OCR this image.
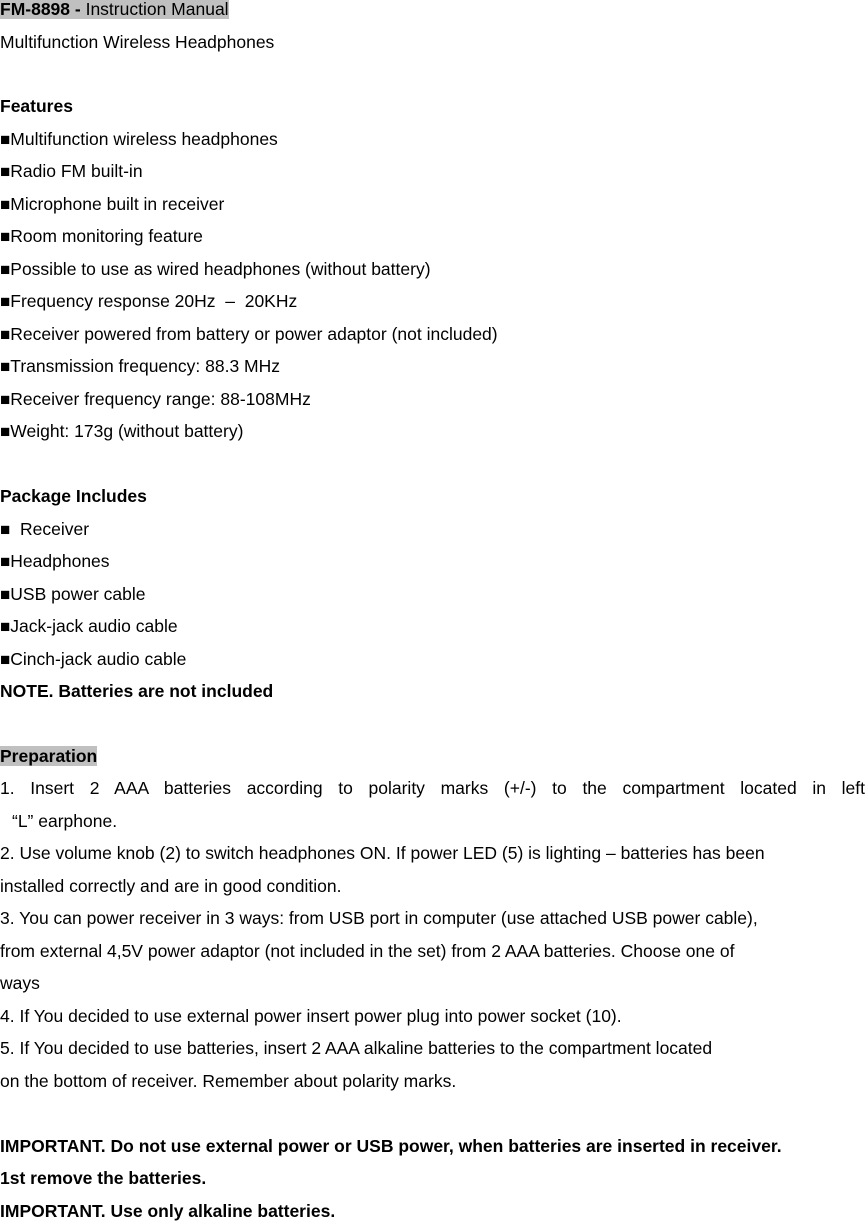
FM-8898 - Instruction Manual
Multifunction Wireless Headphones
Features
■Multifunction wireless headphones
■Radio FM built-in
■Microphone built in receiver
■Room monitoring feature
■Possible to use as wired headphones (without battery)
■Frequency response 20Hz  –  20KHz
■Receiver powered from battery or power adaptor (not included)
■Transmission frequency: 88.3 MHz
■Receiver frequency range: 88-108MHz
■Weight: 173g (without battery)
Package Includes
■  Receiver
■Headphones
■USB power cable
■Jack-jack audio cable
■Cinch-jack audio cable
NOTE. Batteries are not included
Preparation
1. Insert 2 AAA batteries according to polarity marks (+/-) to the compartment located in left
“L” earphone.
2. Use volume knob (2) to switch headphones ON. If power LED (5) is lighting – batteries has been
installed correctly and are in good condition.
3. You can power receiver in 3 ways: from USB port in computer (use attached USB power cable),
from external 4,5V power adaptor (not included in the set) from 2 AAA batteries. Choose one of
ways
4. If You decided to use external power insert power plug into power socket (10).
5. If You decided to use batteries, insert 2 AAA alkaline batteries to the compartment located
on the bottom of receiver. Remember about polarity marks.
IMPORTANT. Do not use external power or USB power, when batteries are inserted in receiver.
1st remove the batteries.
IMPORTANT. Use only alkaline batteries.
